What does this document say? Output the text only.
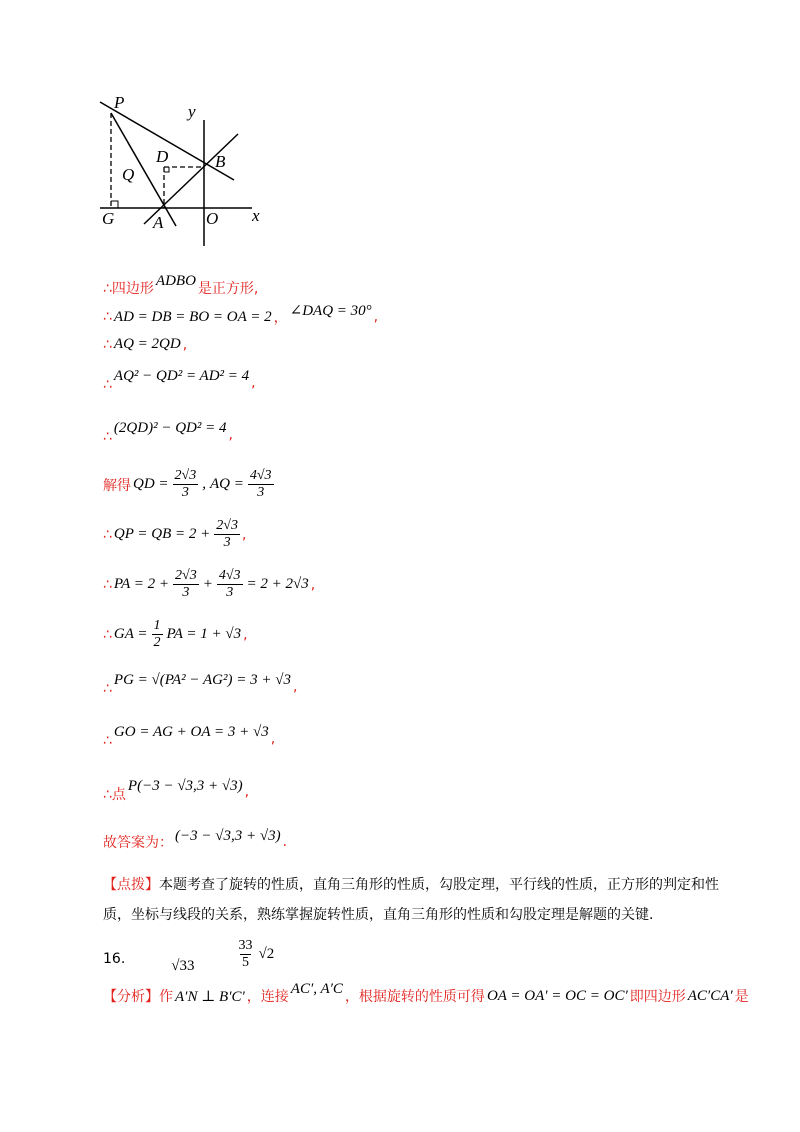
P	y
D	B
Q
G A	O x
∴四边形
ADBO
是正方形,
∴ AD = DB = BO = OA = 2 ， ∠DAQ = 30° ,
∴ AQ = 2QD ,
∴
AQ² − QD² = AD² = 4 ,
∴
(2QD)² − QD² = 4 ,
解得 QD = $\frac{2√3}{3}$ , AQ = $\frac{4√3}{3}$
∴ QP = QB = $2 + \frac{2√3}{3}$ ,
∴ PA = $2 + \frac{2√3}{3} + \frac{4√3}{3} = 2 + 2√3$ ,
∴ GA = $\frac{1}{2}$ PA = 1 + √3 ,
∴
PG = √(PA² − AG²) = 3 + √3 ,
∴
GO = AG + OA = 3 + √3 ,
∴点
P(−3 − √3,3 + √3) ,
故答案为： (−3 − √3,3 + √3) .
【点拨】本题考查了旋转的性质，直角三角形的性质，勾股定理，平行线的性质，正方形的判定和性质，坐标与线段的关系，熟练掌握旋转性质，直角三角形的性质和勾股定理是解题的关键.
16.	√33	$\frac{33}{5} √2$
【分析】 作 A′N ⊥ B′C′ ，连接
AC′, A′C
，根据旋转的性质可得 OA = OA′ = OC = OC′ 即四边形 AC′CA′ 是
